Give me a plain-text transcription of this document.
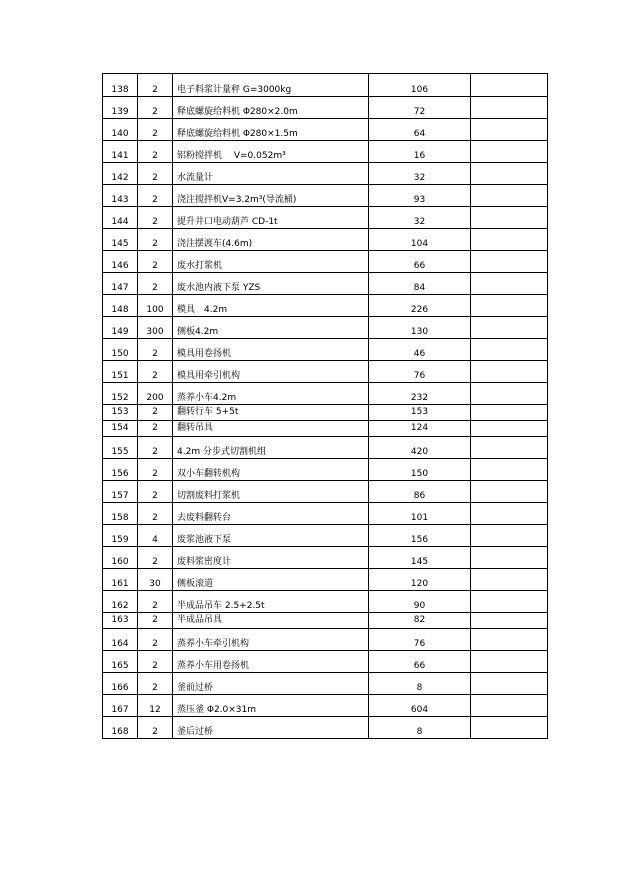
138	2	电子料浆计量秤 G=3000kg	106	
139	2	释底螺旋给料机 Φ280×2.0m	72	
140	2	释底螺旋给料机 Φ280×1.5m	64	
141	2	铝粉搅拌机　 V=0.052m³	16	
142	2	水流量计	32	
143	2	浇注搅拌机V=3.2m³(导流桶)	93	
144	2	提升井口电动葫芦 CD-1t	32	
145	2	浇注摆渡车(4.6m)	104	
146	2	废水打浆机	66	
147	2	废水池内液下泵 YZS	84	
148	100	模具　4.2m	226	
149	300	侧板4.2m	130	
150	2	模具用卷扬机	46	
151	2	模具用牵引机构	76	
152	200	蒸养小车4.2m	232	
153	2	翻转行车 5+5t	153	
154	2	翻转吊具	124	
155	2	4.2m 分步式切割机组	420	
156	2	双小车翻转机构	150	
157	2	切割废料打浆机	86	
158	2	去废料翻转台	101	
159	4	废浆池液下泵	156	
160	2	废料浆密度计	145	
161	30	侧板滚道	120	
162	2	半成品吊车 2.5+2.5t	90	
163	2	半成品吊具	82	
164	2	蒸养小车牵引机构	76	
165	2	蒸养小车用卷扬机	66	
166	2	釜前过桥	8	
167	12	蒸压釜 Φ2.0×31m	604	
168	2	釜后过桥	8	
